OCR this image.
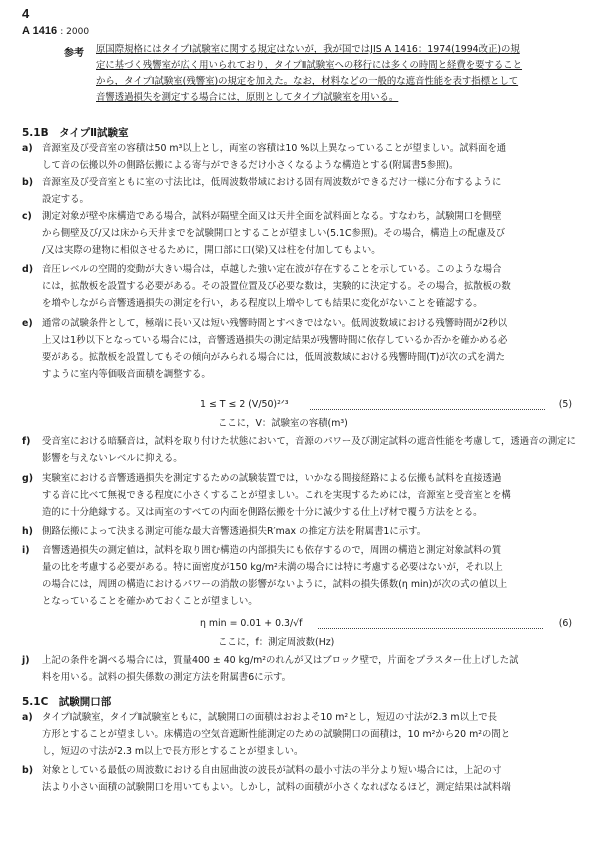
4
A 1416 : 2000
参考 原国際規格にはタイプⅠ試験室に関する規定はないが，我が国ではJIS A 1416：1974(1994改正)の規
定に基づく残響室が広く用いられており，タイプⅡ試験室への移行には多くの時間と経費を要すること
から，タイプⅠ試験室(残響室)の規定を加えた。なお，材料などの一般的な遮音性能を表す指標として
音響透過損失を測定する場合には，原則としてタイプⅠ試験室を用いる。
5.1B　タイプⅡ試験室
a) 音源室及び受音室の容積は50 m³以上とし，両室の容積は10 %以上異なっていることが望ましい。試料面を通
して音の伝搬以外の側路伝搬による寄与ができるだけ小さくなるような構造とする(附属書5参照)。
b) 音源室及び受音室ともに室の寸法比は，低周波数帯域における固有周波数ができるだけ一様に分布するように
設定する。
c) 測定対象が壁や床構造である場合，試料が隔壁全面又は天井全面を試料面となる。すなわち，試験開口を側壁
から側壁及び/又は床から天井までを試験開口とすることが望ましい(5.1C参照)。その場合，構造上の配慮及び
/又は実際の建物に相似させるために，開口部に口(梁)又は柱を付加してもよい。
d) 音圧レベルの空間的変動が大きい場合は，卓越した強い定在波が存在することを示している。このような場合
には，拡散板を設置する必要がある。その設置位置及び必要な数は，実験的に決定する。その場合，拡散板の数
を増やしながら音響透過損失の測定を行い，ある程度以上増やしても結果に変化がないことを確認する。
e) 通常の試験条件として，極端に長い又は短い残響時間とすべきではない。低周波数域における残響時間が2秒以
上又は1秒以下となっている場合には，音響透過損失の測定結果が残響時間に依存しているか否かを確かめる必
要がある。拡散板を設置してもその傾向がみられる場合には，低周波数域における残響時間(T)が次の式を満た
すように室内等価吸音面積を調整する。
1 ≤ T ≤ 2 (V/50)²ᐟ³	(5)
ここに，V：試験室の容積(m³)
f) 受音室における暗騒音は，試料を取り付けた状態において，音源のパワー及び測定試料の遮音性能を考慮して，透過音の測定に
影響を与えないレベルに抑える。
g) 実験室における音響透過損失を測定するための試験装置では，いかなる間接経路による伝搬も試料を直接透過
する音に比べて無視できる程度に小さくすることが望ましい。これを実現するためには，音源室と受音室とを構
造的に十分絶縁する。又は両室のすべての内面を側路伝搬を十分に減少する仕上げ材で覆う方法をとる。
h) 側路伝搬によって決まる測定可能な最大音響透過損失R′max の推定方法を附属書1に示す。
i) 音響透過損失の測定値は，試料を取り囲む構造の内部損失にも依存するので，周囲の構造と測定対象試料の質
量の比を考慮する必要がある。特に面密度が150 kg/m²未満の場合には特に考慮する必要はないが，それ以上
の場合には，周囲の構造におけるパワーの消散の影響がないように，試料の損失係数(η min)が次の式の値以上
となっていることを確かめておくことが望ましい。
η min = 0.01 + 0.3/√f	(6)
ここに，f：測定周波数(Hz)
j) 上記の条件を調べる場合には，質量400 ± 40 kg/m²のれんが又はブロック壁で，片面をプラスター仕上げした試
料を用いる。試料の損失係数の測定方法を附属書6に示す。
5.1C　試験開口部
a) タイプⅠ試験室，タイプⅡ試験室ともに，試験開口の面積はおおよそ10 m²とし，短辺の寸法が2.3 m以上で長
方形とすることが望ましい。床構造の空気音遮断性能測定のための試験開口の面積は，10 m²から20 m²の間と
し，短辺の寸法が2.3 m以上で長方形とすることが望ましい。
b) 対象としている最低の周波数における自由屈曲波の波長が試料の最小寸法の半分より短い場合には，上記の寸
法より小さい面積の試験開口を用いてもよい。しかし，試料の面積が小さくなればなるほど，測定結果は試料端
